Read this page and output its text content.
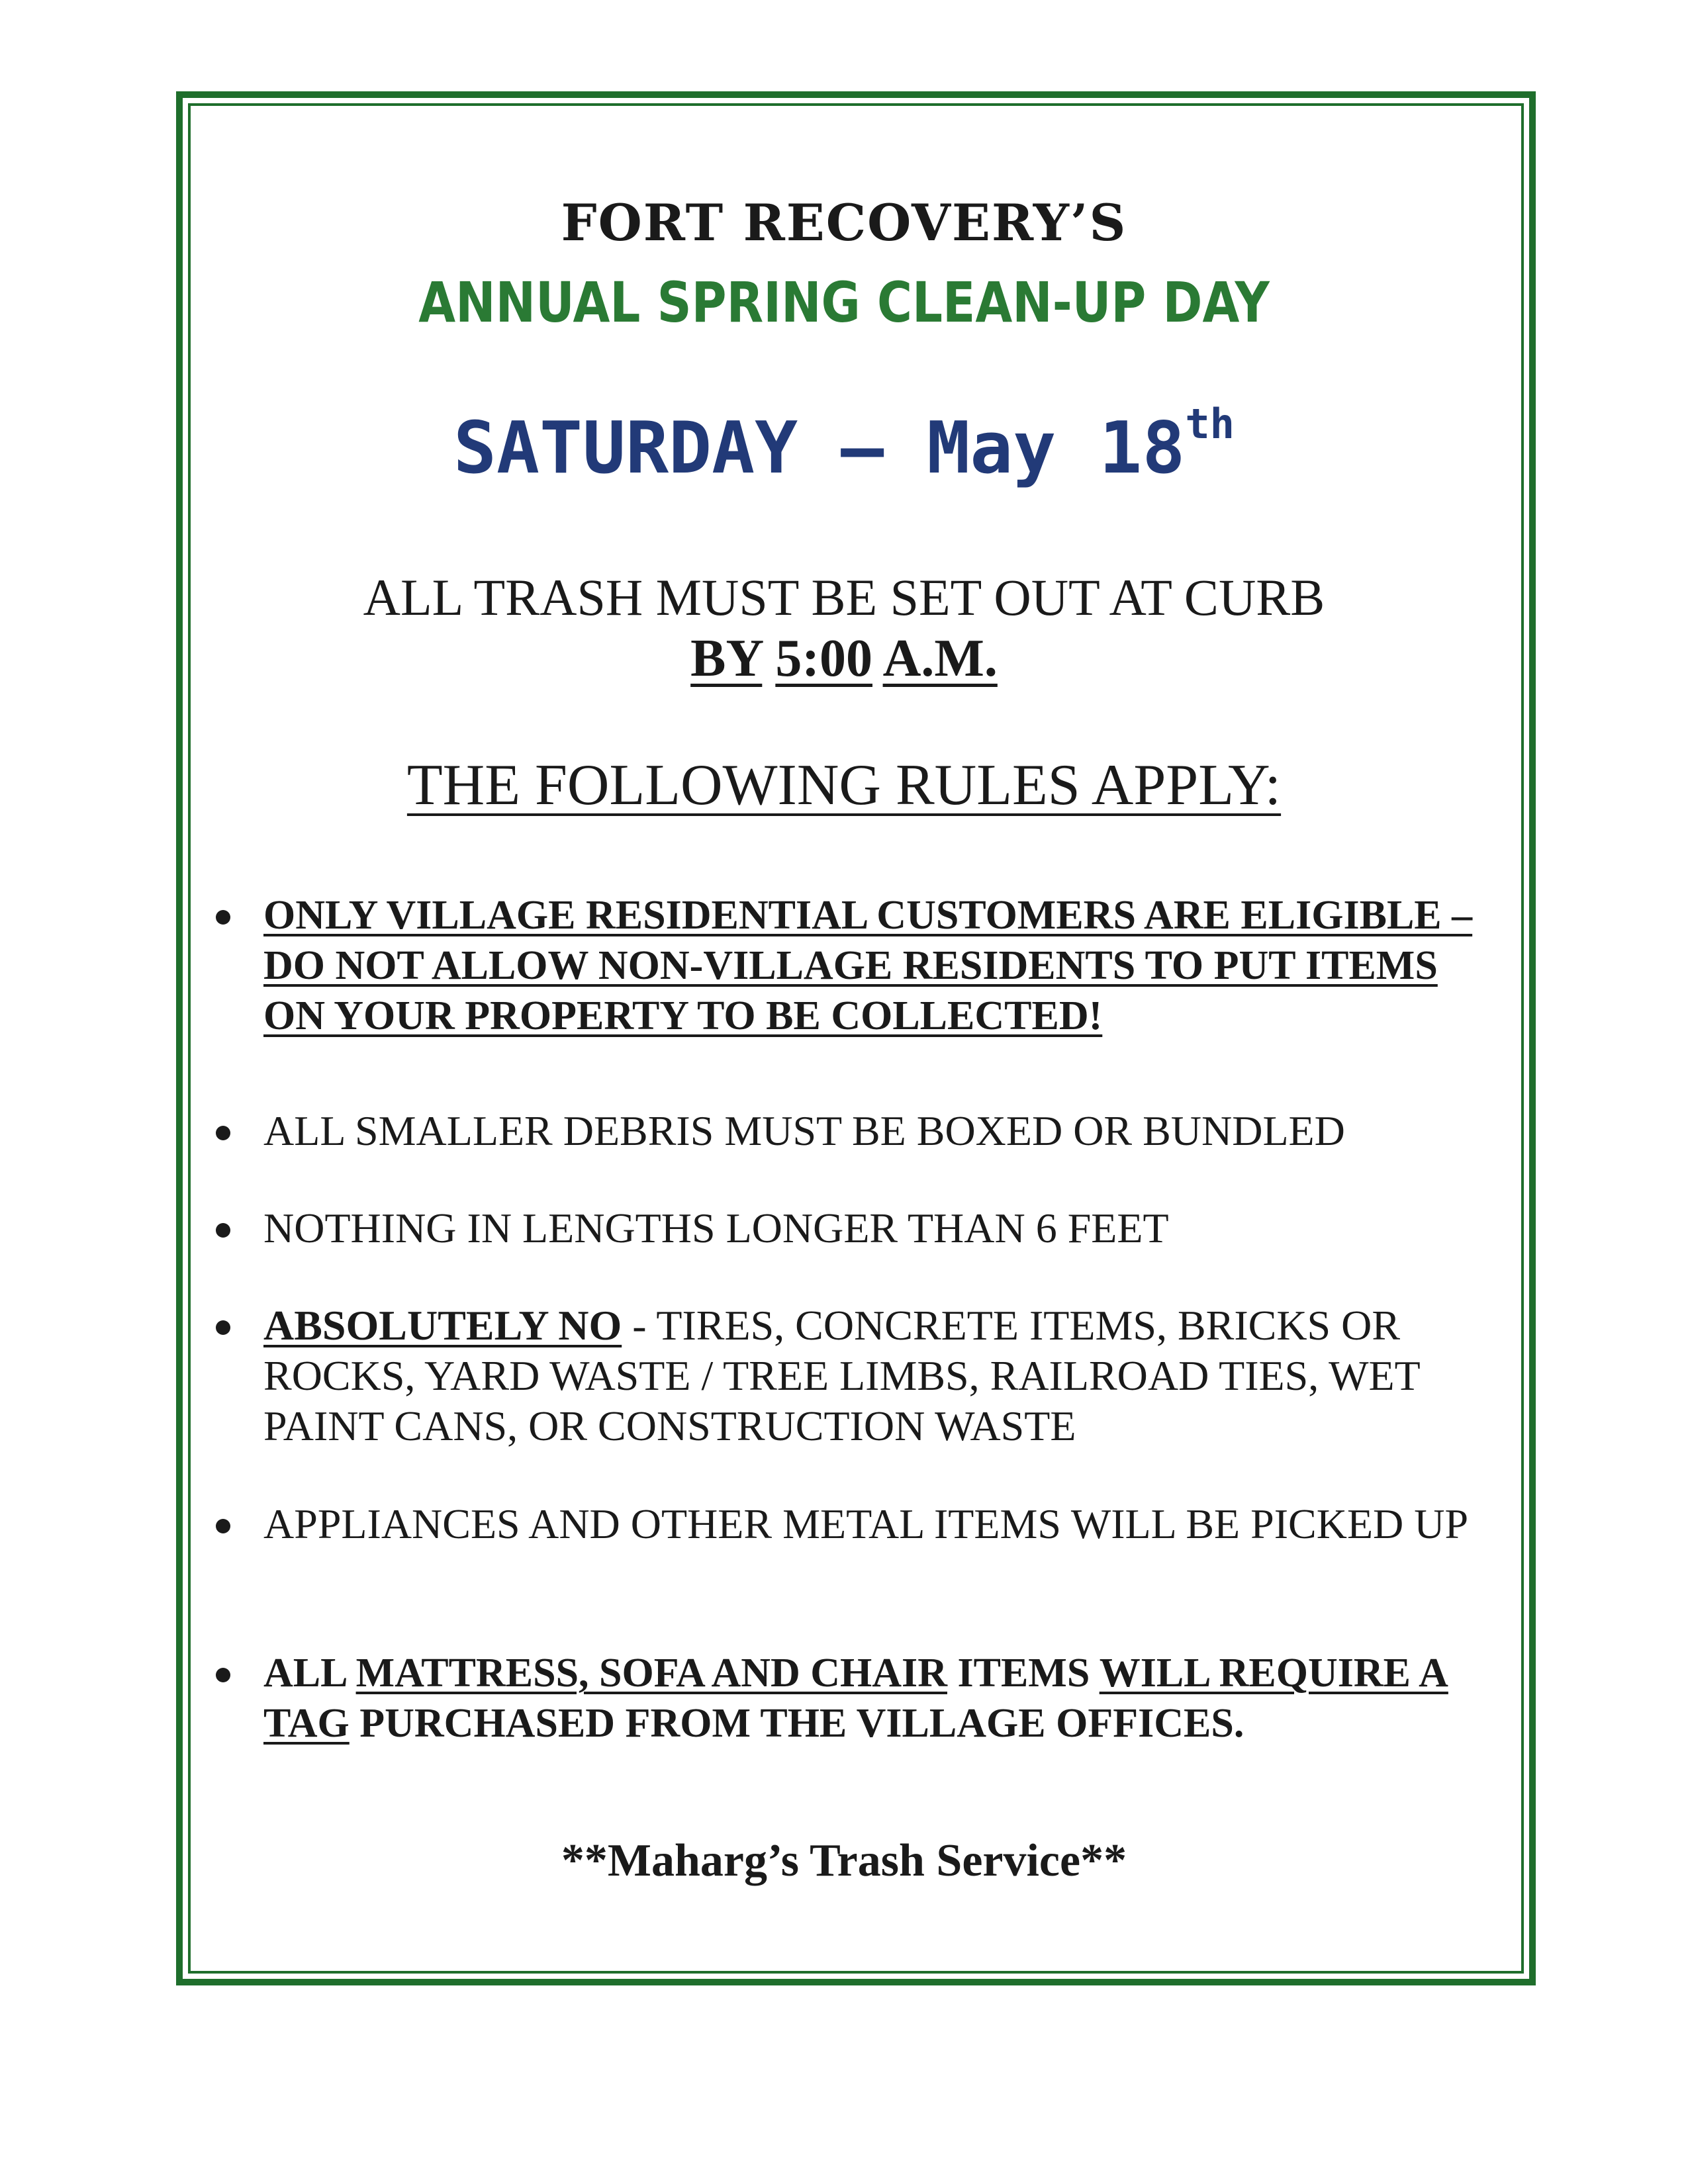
FORT RECOVERY’S
ANNUAL SPRING CLEAN-UP DAY
SATURDAY – May 18th
ALL TRASH MUST BE SET OUT AT CURB
BY 5:00 A.M.
THE FOLLOWING RULES APPLY:
ONLY VILLAGE RESIDENTIAL CUSTOMERS ARE ELIGIBLE – DO NOT ALLOW NON-VILLAGE RESIDENTS TO PUT ITEMS ON YOUR PROPERTY TO BE COLLECTED!
ALL SMALLER DEBRIS MUST BE BOXED OR BUNDLED
NOTHING IN LENGTHS LONGER THAN 6 FEET
ABSOLUTELY NO - TIRES, CONCRETE ITEMS, BRICKS OR ROCKS, YARD WASTE / TREE LIMBS, RAILROAD TIES, WET PAINT CANS, OR CONSTRUCTION WASTE
APPLIANCES AND OTHER METAL ITEMS WILL BE PICKED UP
ALL MATTRESS, SOFA AND CHAIR ITEMS WILL REQUIRE A TAG PURCHASED FROM THE VILLAGE OFFICES.
**Maharg’s Trash Service**
